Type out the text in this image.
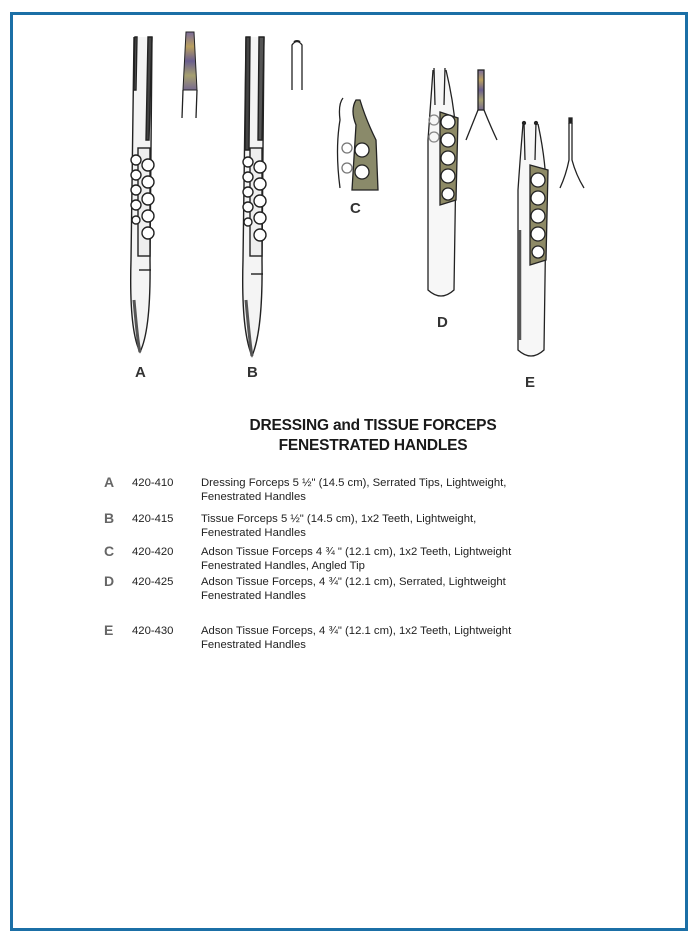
A	B
C
D
E
DRESSING and TISSUE FORCEPS
FENESTRATED HANDLES
A 420-410 Dressing Forceps 5 ½" (14.5 cm), Serrated Tips, Lightweight,
Fenestrated Handles
B 420-415 Tissue Forceps 5 ½" (14.5 cm), 1x2 Teeth, Lightweight,
Fenestrated Handles
C 420-420 Adson Tissue Forceps 4 ¾ " (12.1 cm), 1x2 Teeth, Lightweight
Fenestrated Handles, Angled Tip
D 420-425 Adson Tissue Forceps, 4 ¾" (12.1 cm), Serrated, Lightweight
Fenestrated Handles
E 420-430 Adson Tissue Forceps, 4 ¾" (12.1 cm), 1x2 Teeth, Lightweight
Fenestrated Handles
